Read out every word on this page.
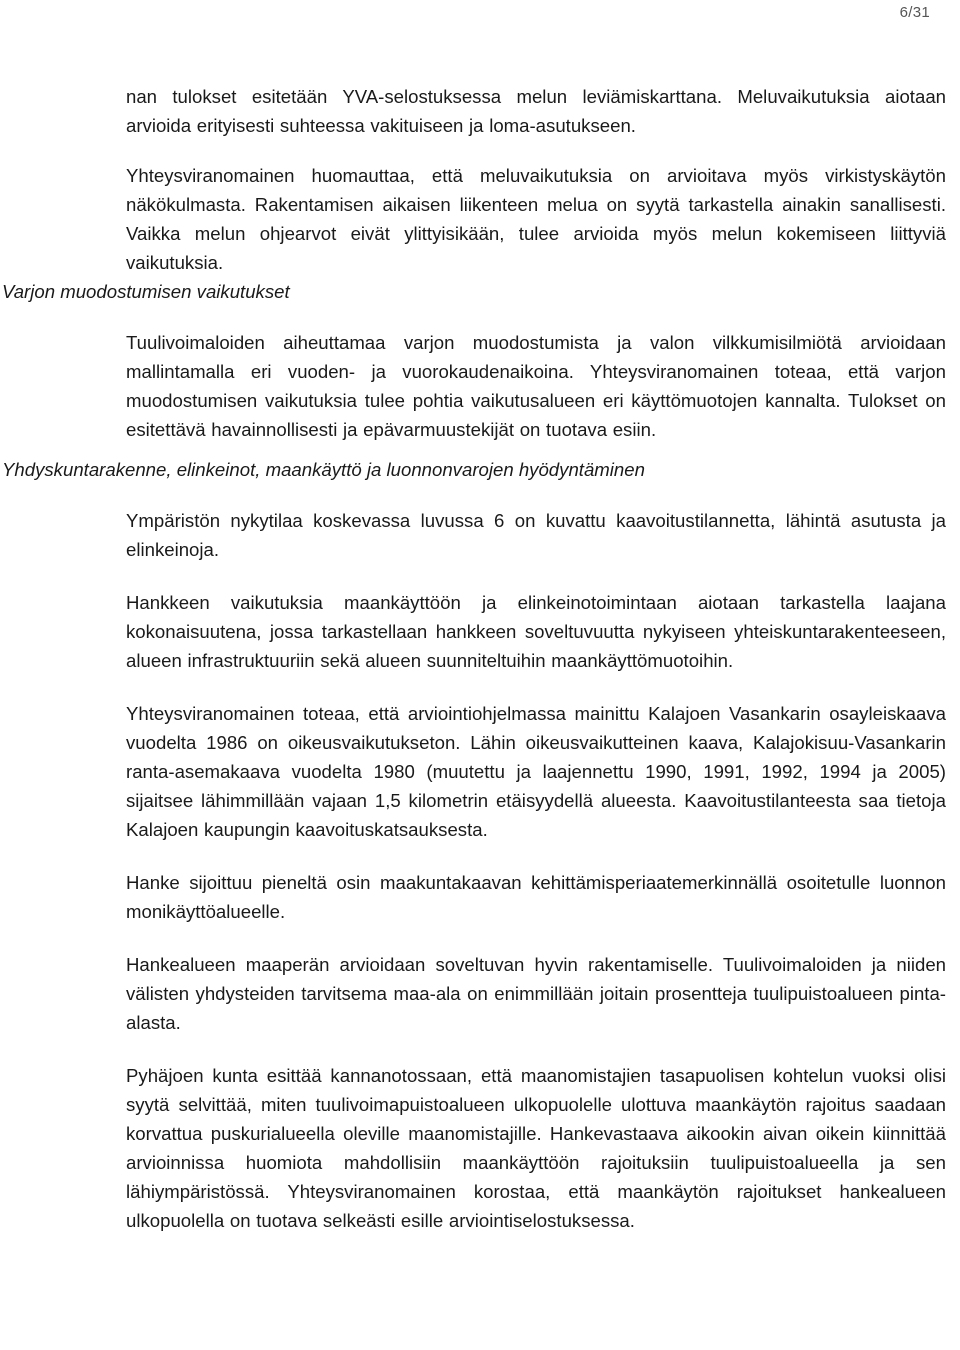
6/31

nan tulokset esitetään YVA-selostuksessa melun leviämiskarttana. Meluvaikutuksia aiotaan arvioida erityisesti suhteessa vakituiseen ja loma-asutukseen.

Yhteysviranomainen huomauttaa, että meluvaikutuksia on arvioitava myös virkistyskäytön näkökulmasta. Rakentamisen aikaisen liikenteen melua on syytä tarkastella ainakin sanallisesti. Vaikka melun ohjearvot eivät ylittyisikään, tulee arvioida myös melun kokemiseen liittyviä vaikutuksia.

Varjon muodostumisen vaikutukset

Tuulivoimaloiden aiheuttamaa varjon muodostumista ja valon vilkkumisilmiötä arvioidaan mallintamalla eri vuoden- ja vuorokaudenaikoina. Yhteysviranomainen toteaa, että varjon muodostumisen vaikutuksia tulee pohtia vaikutusalueen eri käyttömuotojen kannalta. Tulokset on esitettävä havainnollisesti ja epävarmuustekijät on tuotava esiin.

Yhdyskuntarakenne, elinkeinot, maankäyttö ja luonnonvarojen hyödyntäminen

Ympäristön nykytilaa koskevassa luvussa 6 on kuvattu kaavoitustilannetta, lähintä asutusta ja elinkeinoja.

Hankkeen vaikutuksia maankäyttöön ja elinkeinotoimintaan aiotaan tarkastella laajana kokonaisuutena, jossa tarkastellaan hankkeen soveltuvuutta nykyiseen yhteiskuntarakenteeseen, alueen infrastruktuuriin sekä alueen suunniteltuihin maankäyttömuotoihin.

Yhteysviranomainen toteaa, että arviointiohjelmassa mainittu Kalajoen Vasankarin osayleiskaava vuodelta 1986 on oikeusvaikutukseton. Lähin oikeusvaikutteinen kaava, Kalajokisuu-Vasankarin ranta-asemakaava vuodelta 1980 (muutettu ja laajennettu 1990, 1991, 1992, 1994 ja 2005) sijaitsee lähimmillään vajaan 1,5 kilometrin etäisyydellä alueesta. Kaavoitustilanteesta saa tietoja Kalajoen kaupungin kaavoituskatsauksesta.

Hanke sijoittuu pieneltä osin maakuntakaavan kehittämisperiaatemerkinnällä osoitetulle luonnon monikäyttöalueelle.

Hankealueen maaperän arvioidaan soveltuvan hyvin rakentamiselle. Tuulivoimaloiden ja niiden välisten yhdysteiden tarvitsema maa-ala on enimmillään joitain prosentteja tuulipuistoalueen pinta-alasta.

Pyhäjoen kunta esittää kannanotossaan, että maanomistajien tasapuolisen kohtelun vuoksi olisi syytä selvittää, miten tuulivoimapuistoalueen ulkopuolelle ulottuva maankäytön rajoitus saadaan korvattua puskurialueella oleville maanomistajille. Hankevastaava aikookin aivan oikein kiinnittää arvioinnissa huomiota mahdollisiin maankäyttöön rajoituksiin tuulipuistoalueella ja sen lähiympäristössä. Yhteysviranomainen korostaa, että maankäytön rajoitukset hankealueen ulkopuolella on tuotava selkeästi esille arviointiselostuksessa.
